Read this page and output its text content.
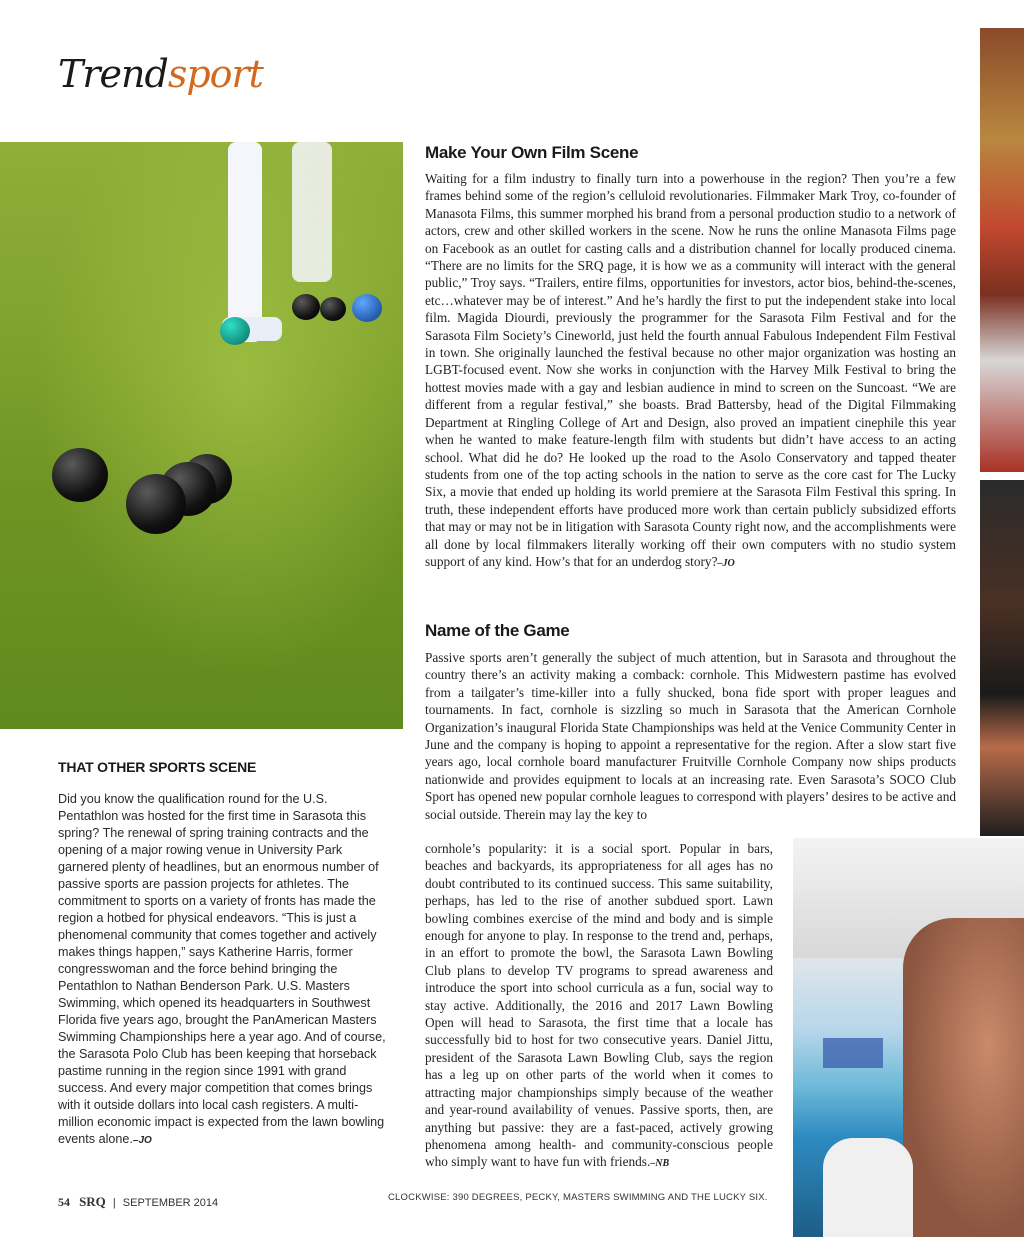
Trendsport
Make Your Own Film Scene
Waiting for a film industry to finally turn into a powerhouse in the region? Then you’re a few frames behind some of the region’s celluloid revolutionaries. Filmmaker Mark Troy, co-founder of Manasota Films, this summer morphed his brand from a personal production studio to a network of actors, crew and other skilled workers in the scene. Now he runs the online Manasota Films page on Facebook as an outlet for casting calls and a distribution channel for locally produced cinema. “There are no limits for the SRQ page, it is how we as a community will interact with the general public,” Troy says. “Trailers, entire films, opportunities for investors, actor bios, behind-the-scenes, etc…whatever may be of interest.” And he’s hardly the first to put the independent stake into local film. Magida Diourdi, previously the programmer for the Sarasota Film Festival and for the Sarasota Film Society’s Cineworld, just held the fourth annual Fabulous Independent Film Festival in town. She originally launched the festival because no other major organization was hosting an LGBT-focused event. Now she works in conjunction with the Harvey Milk Festival to bring the hottest movies made with a gay and lesbian audience in mind to screen on the Suncoast. “We are different from a regular festival,” she boasts. Brad Battersby, head of the Digital Filmmaking Department at Ringling College of Art and Design, also proved an impatient cinephile this year when he wanted to make feature-length film with students but didn’t have access to an acting school. What did he do? He looked up the road to the Asolo Conservatory and tapped theater students from one of the top acting schools in the nation to serve as the core cast for The Lucky Six, a movie that ended up holding its world premiere at the Sarasota Film Festival this spring. In truth, these independent efforts have produced more work than certain publicly subsidized efforts that may or may not be in litigation with Sarasota County right now, and the accomplishments were all done by local filmmakers literally working off their own computers with no studio system support of any kind. How’s that for an underdog story?–JO
Name of the Game
Passive sports aren’t generally the subject of much attention, but in Sarasota and throughout the country there’s an activity making a comback: cornhole. This Midwestern pastime has evolved from a tailgater’s time-killer into a fully shucked, bona fide sport with proper leagues and tournaments. In fact, cornhole is sizzling so much in Sarasota that the American Cornhole Organization’s inaugural Florida State Championships was held at the Venice Community Center in June and the company is hoping to appoint a representative for the region. After a slow start five years ago, local cornhole board manufacturer Fruitville Cornhole Company now ships products nationwide and provides equipment to locals at an increasing rate. Even Sarasota’s SOCO Club Sport has opened new popular cornhole leagues to correspond with players’ desires to be active and social outside. Therein may lay the key to
cornhole’s popularity: it is a social sport. Popular in bars, beaches and backyards, its appropriateness for all ages has no doubt contributed to its continued success. This same suitability, perhaps, has led to the rise of another subdued sport. Lawn bowling combines exercise of the mind and body and is simple enough for anyone to play. In response to the trend and, perhaps, in an effort to promote the bowl, the Sarasota Lawn Bowling Club plans to develop TV programs to spread awareness and introduce the sport into school curricula as a fun, social way to stay active. Additionally, the 2016 and 2017 Lawn Bowling Open will head to Sarasota, the first time that a locale has successfully bid to host for two consecutive years. Daniel Jittu, president of the Sarasota Lawn Bowling Club, says the region has a leg up on other parts of the world when it comes to attracting major championships simply because of the weather and year-round availability of venues. Passive sports, then, are anything but passive: they are a fast-paced, actively growing phenomena among health- and community-conscious people who simply want to have fun with friends.–NB
THAT OTHER SPORTS SCENE
Did you know the qualification round for the U.S. Pentathlon was hosted for the first time in Sarasota this spring? The renewal of spring training contracts and the opening of a major rowing venue in University Park garnered plenty of headlines, but an enormous number of passive sports are passion projects for athletes. The commitment to sports on a variety of fronts has made the region a hotbed for physical endeavors. “This is just a phenomenal community that comes together and actively makes things happen,” says Katherine Harris, former congresswoman and the force behind bringing the Pentathlon to Nathan Benderson Park. U.S. Masters Swimming, which opened its headquarters in Southwest Florida five years ago, brought the PanAmerican Masters Swimming Championships here a year ago. And of course, the Sarasota Polo Club has been keeping that horseback pastime running in the region since 1991 with grand success. And every major competition that comes brings with it outside dollars into local cash registers. A multi-million economic impact is expected from the lawn bowling events alone.–JO
54 SRQ | SEPTEMBER 2014	CLOCKWISE: 390 DEGREES, PECKY, MASTERS SWIMMING AND THE LUCKY SIX.
